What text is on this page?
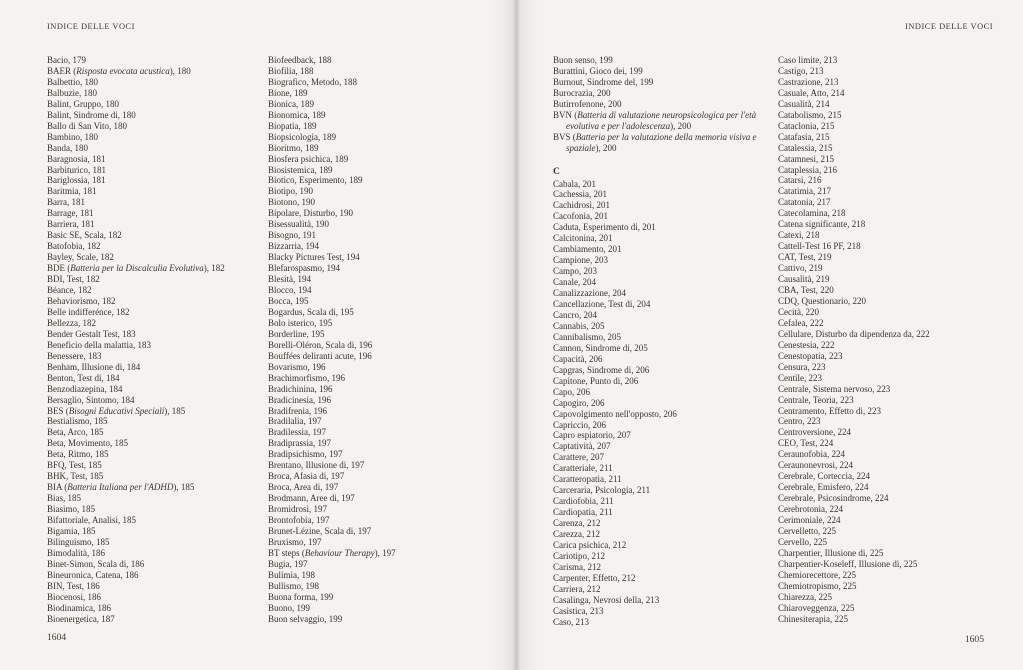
INDICE DELLE VOCI
Bacio, 179
BAER (Risposta evocata acustica), 180
Balbettio, 180
Balbuzie, 180
Balint, Gruppo, 180
Balint, Sindrome di, 180
Ballo di San Vito, 180
Bambino, 180
Banda, 180
Baragnosia, 181
Barbiturico, 181
Bariglossia, 181
Baritmia, 181
Barra, 181
Barrage, 181
Barriera, 181
Basic SE, Scala, 182
Batofobia, 182
Bayley, Scale, 182
BDE (Batteria per la Discalculia Evolutiva), 182
BDI, Test, 182
Béance, 182
Behaviorismo, 182
Belle indifferénce, 182
Bellezza, 182
Bender Gestalt Test, 183
Beneficio della malattia, 183
Benessere, 183
Benham, Illusione di, 184
Benton, Test di, 184
Benzodiazepina, 184
Bersaglio, Sintomo, 184
BES (Bisogni Educativi Speciali), 185
Bestialismo, 185
Beta, Arco, 185
Beta, Movimento, 185
Beta, Ritmo, 185
BFQ, Test, 185
BHK, Test, 185
BIA (Batteria Italiana per l'ADHD), 185
Bias, 185
Biasimo, 185
Bifattoriale, Analisi, 185
Bigamia, 185
Bilinguismo, 185
Bimodalità, 186
Binet-Simon, Scala di, 186
Bineuronica, Catena, 186
BIN, Test, 186
Biocenosi, 186
Biodinamica, 186
Bioenergetica, 187
Biofeedback, 188
Biofilia, 188
Biografico, Metodo, 188
Bione, 189
Bionica, 189
Bionomica, 189
Biopatia, 189
Biopsicologia, 189
Bioritmo, 189
Biosfera psichica, 189
Biosistemica, 189
Biotico, Esperimento, 189
Biotipo, 190
Biotono, 190
Bipolare, Disturbo, 190
Bisessualità, 190
Bisogno, 191
Bizzarria, 194
Blacky Pictures Test, 194
Blefarospasmo, 194
Blesità, 194
Blocco, 194
Bocca, 195
Bogardus, Scala di, 195
Bolo isterico, 195
Borderline, 195
Borelli-Oléron, Scala di, 196
Bouffées deliranti acute, 196
Bovarismo, 196
Brachimorfismo, 196
Bradichinina, 196
Bradicinesia, 196
Bradifrenia, 196
Bradilalia, 197
Bradilessia, 197
Bradiprassia, 197
Bradipsichismo, 197
Brentano, Illusione di, 197
Broca, Afasia di, 197
Broca, Area di, 197
Brodmann, Aree di, 197
Bromidrosi, 197
Brontofobia, 197
Brunet-Lézine, Scala di, 197
Bruxismo, 197
BT steps (Behaviour Therapy), 197
Bugia, 197
Bulimia, 198
Bullismo, 198
Buona forma, 199
Buono, 199
Buon selvaggio, 199
1604
INDICE DELLE VOCI
Buon senso, 199
Burattini, Gioco dei, 199
Burnout, Sindrome del, 199
Burocrazia, 200
Butirrofenone, 200
BVN (Batteria di valutazione neuropsicologica per l'età evolutiva e per l'adolescenza), 200
BVS (Batteria per la valutazione della memoria visiva e spaziale), 200
C
Cabala, 201
Cachessia, 201
Cachidrosi, 201
Cacofonia, 201
Caduta, Esperimento di, 201
Calcitonina, 201
Cambiamento, 201
Campione, 203
Campo, 203
Canale, 204
Canalizzazione, 204
Cancellazione, Test di, 204
Cancro, 204
Cannabis, 205
Cannibalismo, 205
Cannon, Sindrome di, 205
Capacità, 206
Capgras, Sindrome di, 206
Capitone, Punto di, 206
Capo, 206
Capogiro, 206
Capovolgimento nell'opposto, 206
Capriccio, 206
Capro espiatorio, 207
Captatività, 207
Carattere, 207
Caratteriale, 211
Caratteropatia, 211
Carceraria, Psicologia, 211
Cardiofobia, 211
Cardiopatia, 211
Carenza, 212
Carezza, 212
Carica psichica, 212
Cariotipo, 212
Carisma, 212
Carpenter, Effetto, 212
Carriera, 212
Casalinga, Nevrosi della, 213
Casistica, 213
Caso, 213
Caso limite, 213
Castigo, 213
Castrazione, 213
Casuale, Atto, 214
Casualità, 214
Catabolismo, 215
Cataclonia, 215
Catafasia, 215
Catalessia, 215
Catamnesi, 215
Cataplessia, 216
Catarsi, 216
Catatimia, 217
Catatonia, 217
Catecolamina, 218
Catena significante, 218
Catexi, 218
Cattell-Test 16 PF, 218
CAT, Test, 219
Cattivo, 219
Causalità, 219
CBA, Test, 220
CDQ, Questionario, 220
Cecità, 220
Cefalea, 222
Cellulare, Disturbo da dipendenza da, 222
Cenestesia, 222
Cenestopatia, 223
Censura, 223
Centile, 223
Centrale, Sistema nervoso, 223
Centrale, Teoria, 223
Centramento, Effetto di, 223
Centro, 223
Centroversione, 224
CEO, Test, 224
Ceraunofobia, 224
Ceraunonevrosi, 224
Cerebrale, Corteccia, 224
Cerebrale, Emisfero, 224
Cerebrale, Psicosindrome, 224
Cerebrotonia, 224
Cerimoniale, 224
Cervelletto, 225
Cervello, 225
Charpentier, Illusione di, 225
Charpentier-Koseleff, Illusione di, 225
Chemiorecettore, 225
Chemiotropismo, 225
Chiarezza, 225
Chiaroveggenza, 225
Chinesiterapia, 225
1605
